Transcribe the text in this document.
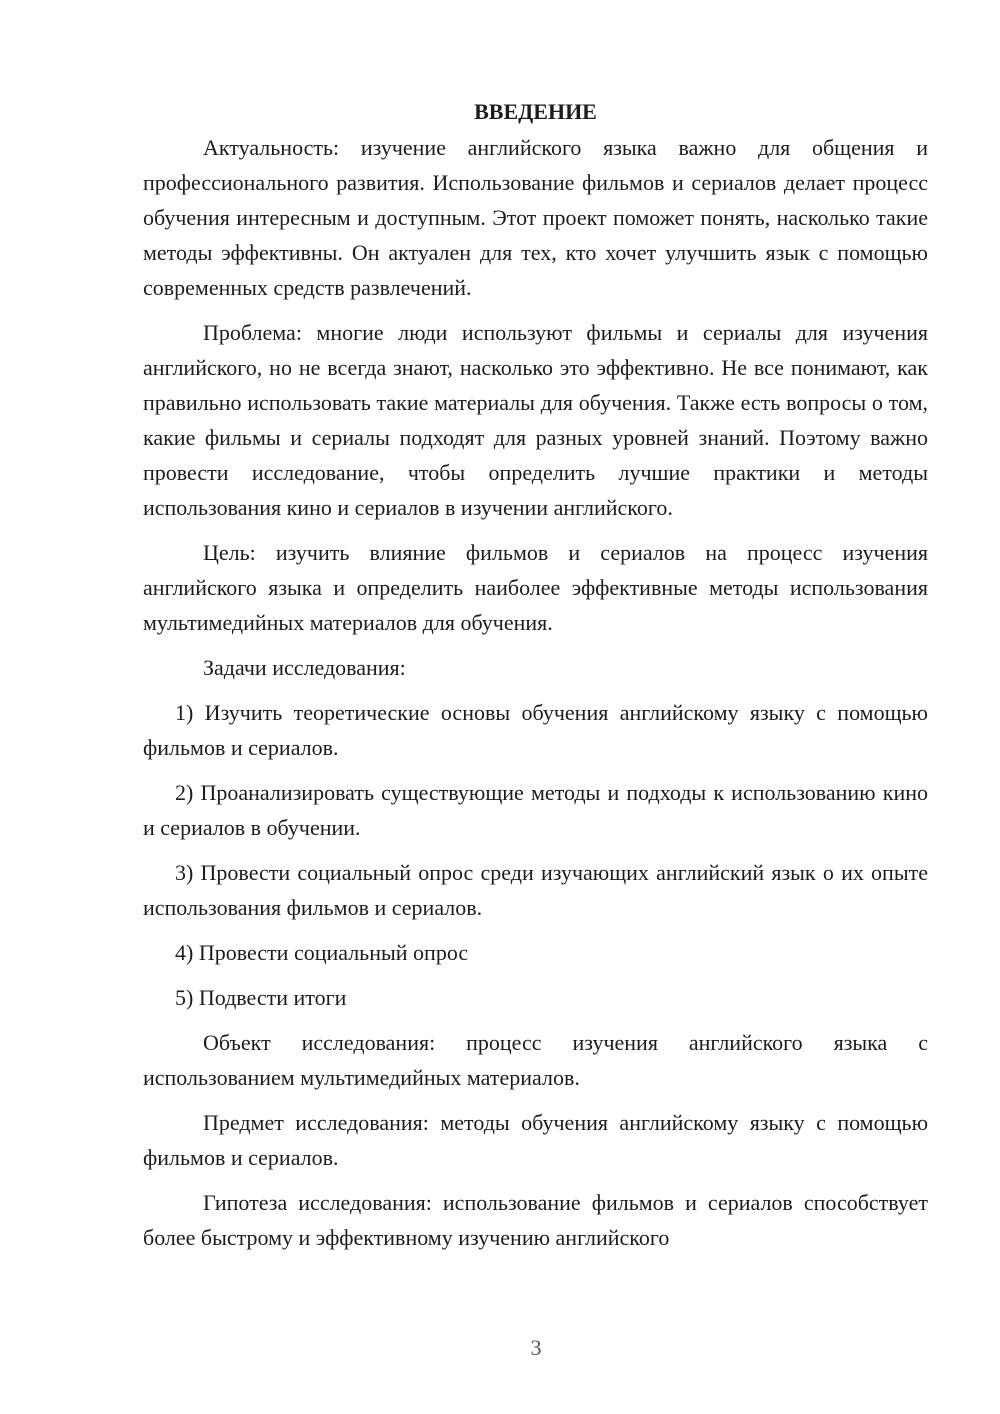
ВВЕДЕНИЕ
Актуальность: изучение английского языка важно для общения и профессионального развития. Использование фильмов и сериалов делает процесс обучения интересным и доступным. Этот проект поможет понять, насколько такие методы эффективны. Он актуален для тех, кто хочет улучшить язык с помощью современных средств развлечений.
Проблема: многие люди используют фильмы и сериалы для изучения английского, но не всегда знают, насколько это эффективно. Не все понимают, как правильно использовать такие материалы для обучения. Также есть вопросы о том, какие фильмы и сериалы подходят для разных уровней знаний. Поэтому важно провести исследование, чтобы определить лучшие практики и методы использования кино и сериалов в изучении английского.
Цель: изучить влияние фильмов и сериалов на процесс изучения английского языка и определить наиболее эффективные методы использования мультимедийных материалов для обучения.
Задачи исследования:
1) Изучить теоретические основы обучения английскому языку с помощью фильмов и сериалов.
2) Проанализировать существующие методы и подходы к использованию кино и сериалов в обучении.
3) Провести социальный опрос среди изучающих английский язык о их опыте использования фильмов и сериалов.
4) Провести социальный опрос
5) Подвести итоги
Объект исследования: процесс изучения английского языка с использованием мультимедийных материалов.
Предмет исследования: методы обучения английскому языку с помощью фильмов и сериалов.
Гипотеза исследования: использование фильмов и сериалов способствует более быстрому и эффективному изучению английского
3
